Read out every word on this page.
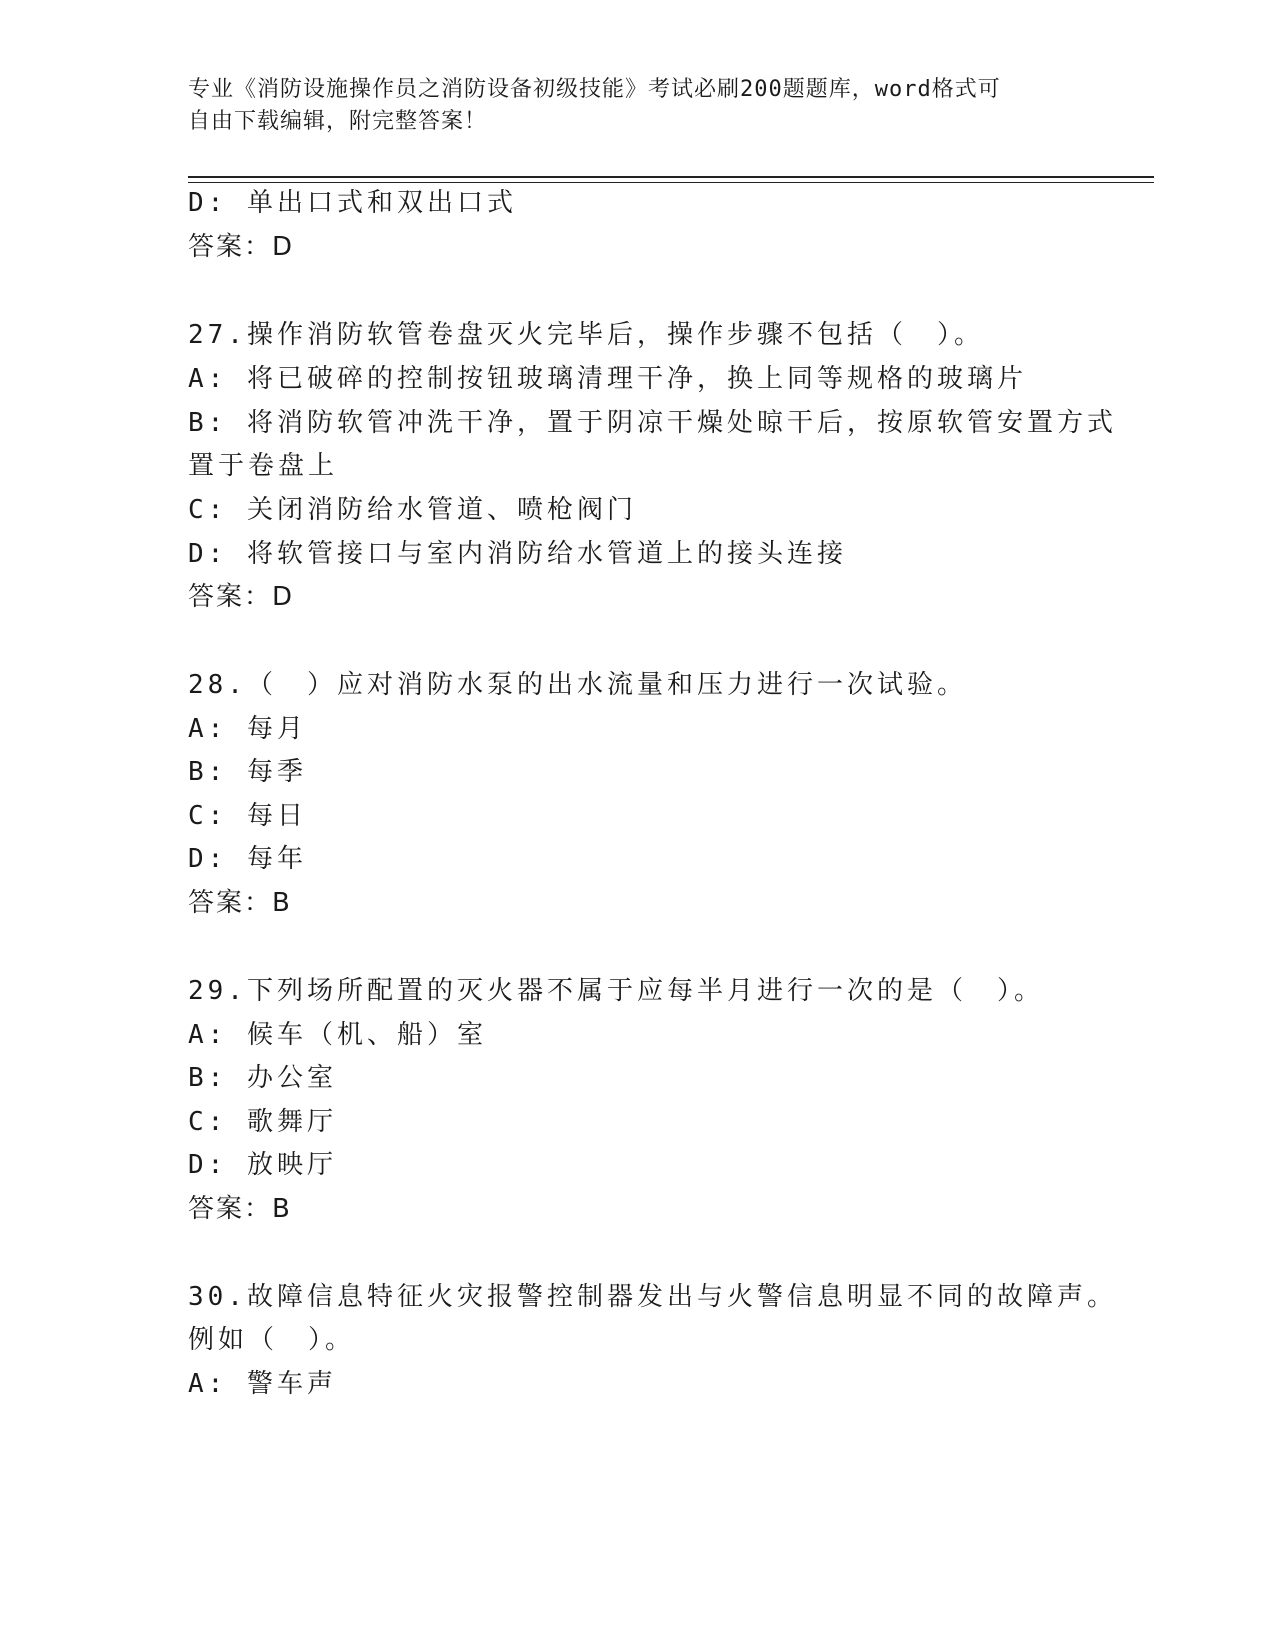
专业《消防设施操作员之消防设备初级技能》考试必刷200题题库，word格式可
自由下载编辑，附完整答案！
D: 单出口式和双出口式
答案：D
27.操作消防软管卷盘灭火完毕后，操作步骤不包括（　）。
A: 将已破碎的控制按钮玻璃清理干净，换上同等规格的玻璃片
B: 将消防软管冲洗干净，置于阴凉干燥处晾干后，按原软管安置方式
置于卷盘上
C: 关闭消防给水管道、喷枪阀门
D: 将软管接口与室内消防给水管道上的接头连接
答案：D
28.（　）应对消防水泵的出水流量和压力进行一次试验。
A: 每月
B: 每季
C: 每日
D: 每年
答案：B
29.下列场所配置的灭火器不属于应每半月进行一次的是（　）。
A: 候车（机、船）室
B: 办公室
C: 歌舞厅
D: 放映厅
答案：B
30.故障信息特征火灾报警控制器发出与火警信息明显不同的故障声。
例如（　）。
A: 警车声
